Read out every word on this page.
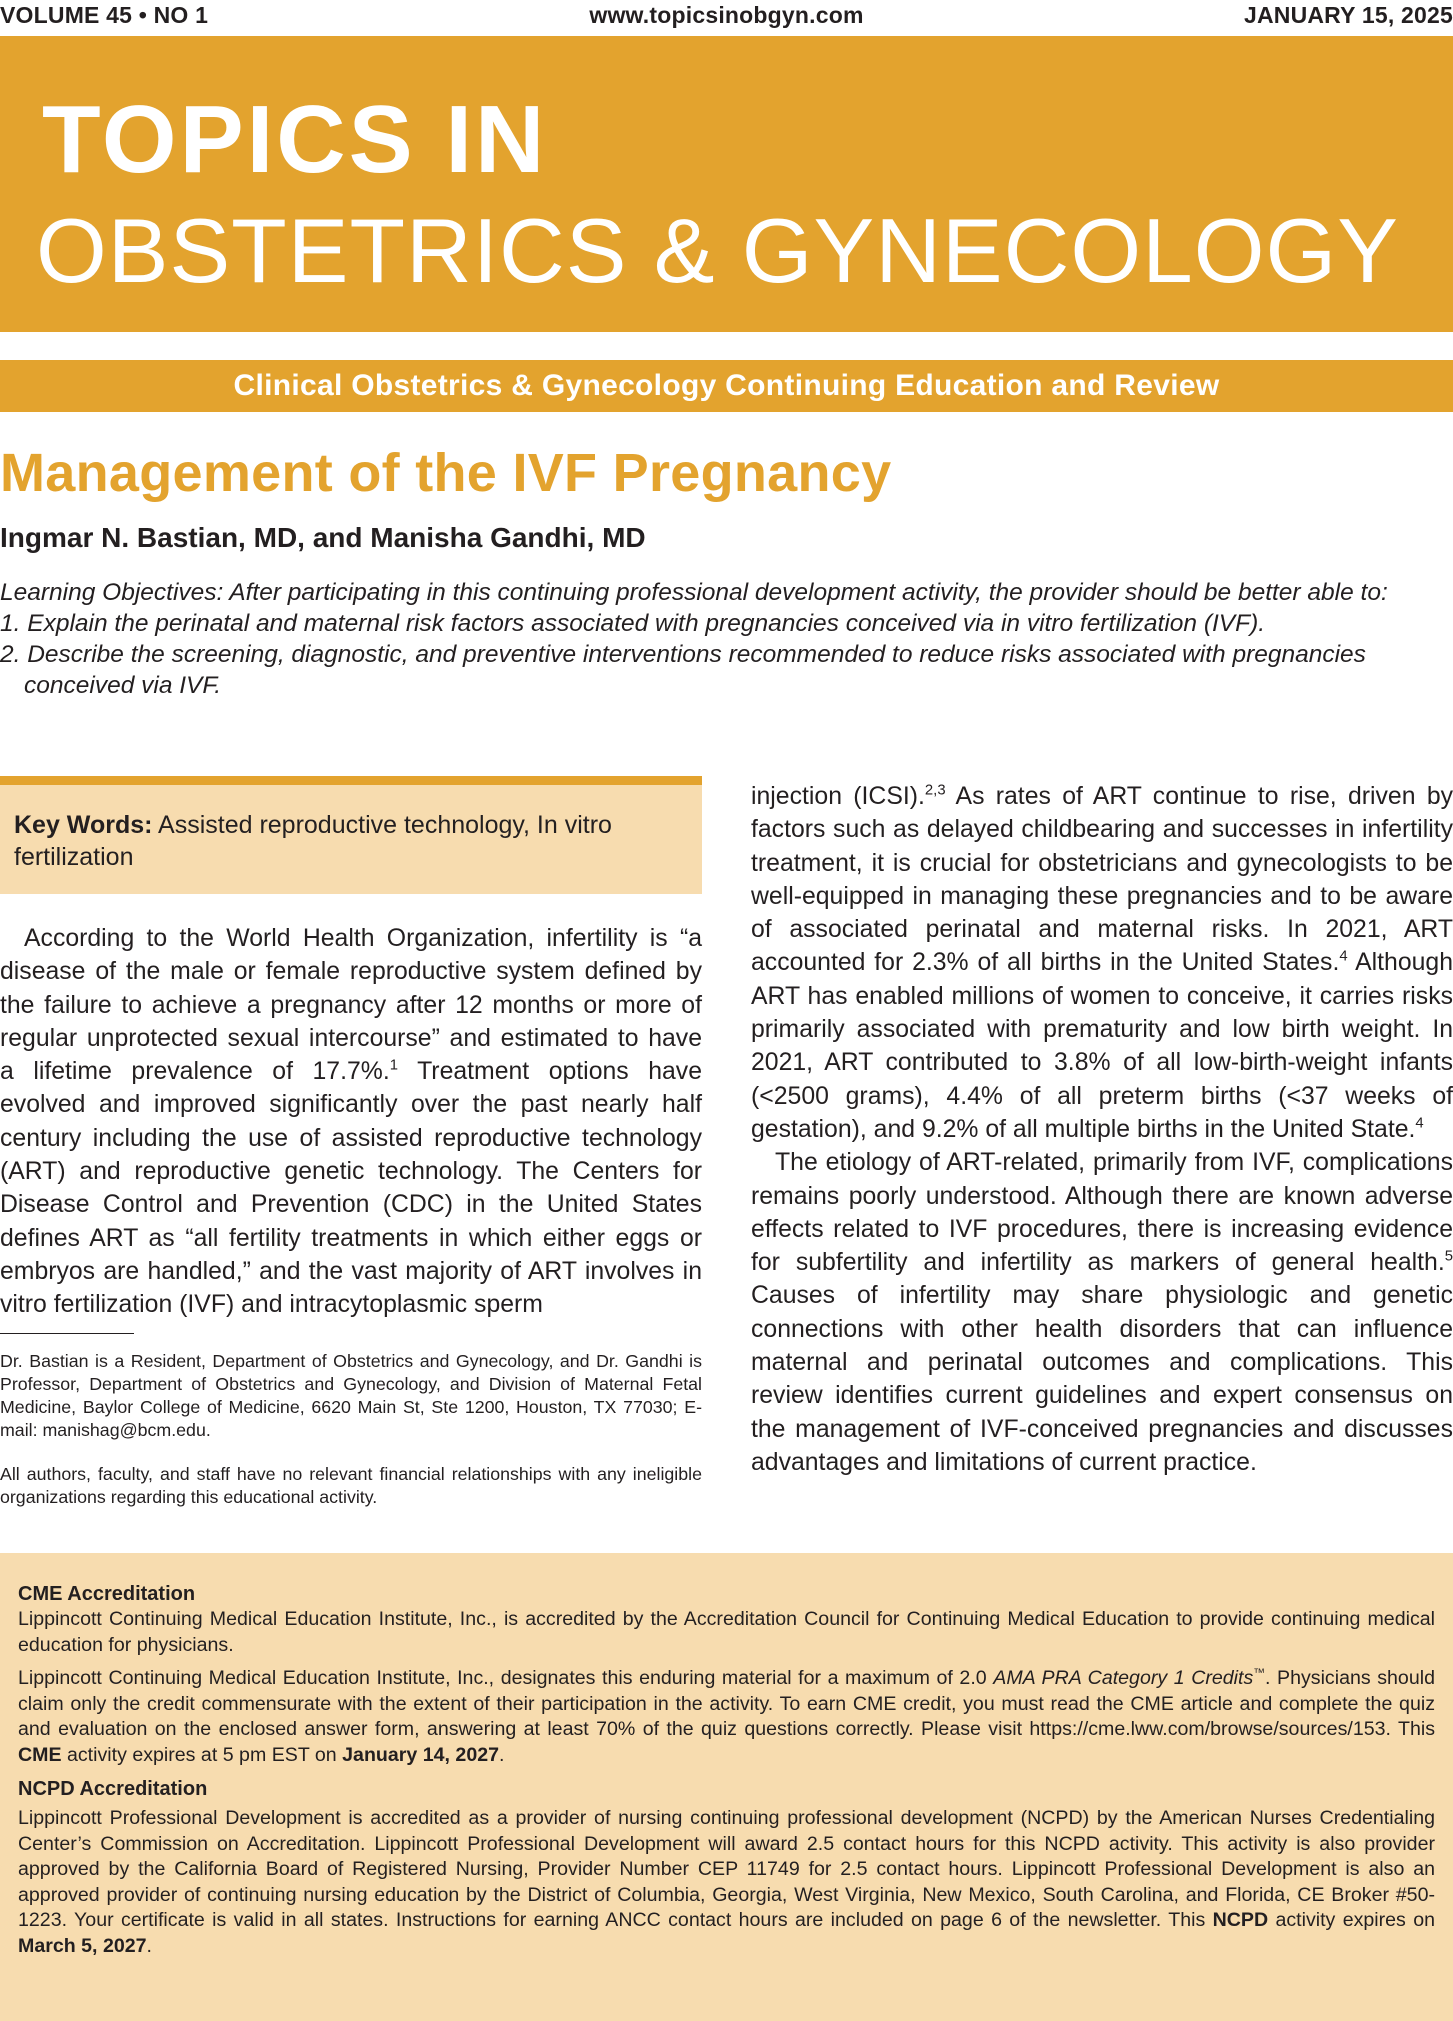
www.topicsinobgyn.com
VOLUME 45 • NO 1	JANUARY 15, 2025
TOPICS IN
OBSTETRICS & GYNECOLOGY
Clinical Obstetrics & Gynecology Continuing Education and Review
Management of the IVF Pregnancy
Ingmar N. Bastian, MD, and Manisha Gandhi, MD
Learning Objectives: After participating in this continuing professional development activity, the provider should be better able to:
1. Explain the perinatal and maternal risk factors associated with pregnancies conceived via in vitro fertilization (IVF).
2. Describe the screening, diagnostic, and preventive interventions recommended to reduce risks associated with pregnancies conceived via IVF.
Key Words: Assisted reproductive technology, In vitro fertilization

According to the World Health Organization, infertility is “a disease of the male or female reproductive system defined by the failure to achieve a pregnancy after 12 months or more of regular unprotected sexual intercourse” and estimated to have a lifetime prevalence of 17.7%.$^1$ Treatment options have evolved and improved significantly over the past nearly half century including the use of assisted reproductive technology (ART) and reproductive genetic technology. The Centers for Disease Control and Prevention (CDC) in the United States defines ART as “all fertility treatments in which either eggs or embryos are handled,” and the vast majority of ART involves in vitro fertilization (IVF) and intracytoplasmic sperm

Dr. Bastian is a Resident, Department of Obstetrics and Gynecology, and Dr. Gandhi is Professor, Department of Obstetrics and Gynecology, and Division of Maternal Fetal Medicine, Baylor College of Medicine, 6620 Main St, Ste 1200, Houston, TX 77030; E-mail: manishag@bcm.edu.
All authors, faculty, and staff have no relevant financial relationships with any ineligible organizations regarding this educational activity.

injection (ICSI).$^{2,3}$ As rates of ART continue to rise, driven by factors such as delayed childbearing and successes in infertility treatment, it is crucial for obstetricians and gynecologists to be well-equipped in managing these pregnancies and to be aware of associated perinatal and maternal risks. In 2021, ART accounted for 2.3% of all births in the United States.$^4$ Although ART has enabled millions of women to conceive, it carries risks primarily associated with prematurity and low birth weight. In 2021, ART contributed to 3.8% of all low-birth-weight infants (<2500 grams), 4.4% of all preterm births (<37 weeks of gestation), and 9.2% of all multiple births in the United State.$^4$

The etiology of ART-related, primarily from IVF, complications remains poorly understood. Although there are known adverse effects related to IVF procedures, there is increasing evidence for subfertility and infertility as markers of general health.$^5$ Causes of infertility may share physiologic and genetic connections with other health disorders that can influence maternal and perinatal outcomes and complications. This review identifies current guidelines and expert consensus on the management of IVF-conceived pregnancies and discusses advantages and limitations of current practice.

CME Accreditation

Lippincott Continuing Medical Education Institute, Inc., is accredited by the Accreditation Council for Continuing Medical Education to provide continuing medical education for physicians.

Lippincott Continuing Medical Education Institute, Inc., designates this enduring material for a maximum of 2.0 AMA PRA Category 1 Credits™. Physicians should claim only the credit commensurate with the extent of their participation in the activity. To earn CME credit, you must read the CME article and complete the quiz and evaluation on the enclosed answer form, answering at least 70% of the quiz questions correctly. Please visit https://cme.lww.com/browse/sources/153. This CME activity expires at 5 pm EST on January 14, 2027.

NCPD Accreditation

Lippincott Professional Development is accredited as a provider of nursing continuing professional development (NCPD) by the American Nurses Credentialing Center’s Commission on Accreditation. Lippincott Professional Development will award 2.5 contact hours for this NCPD activity. This activity is also provider approved by the California Board of Registered Nursing, Provider Number CEP 11749 for 2.5 contact hours. Lippincott Professional Development is also an approved provider of continuing nursing education by the District of Columbia, Georgia, West Virginia, New Mexico, South Carolina, and Florida, CE Broker #50-1223. Your certificate is valid in all states. Instructions for earning ANCC contact hours are included on page 6 of the newsletter. This NCPD activity expires on March 5, 2027.
